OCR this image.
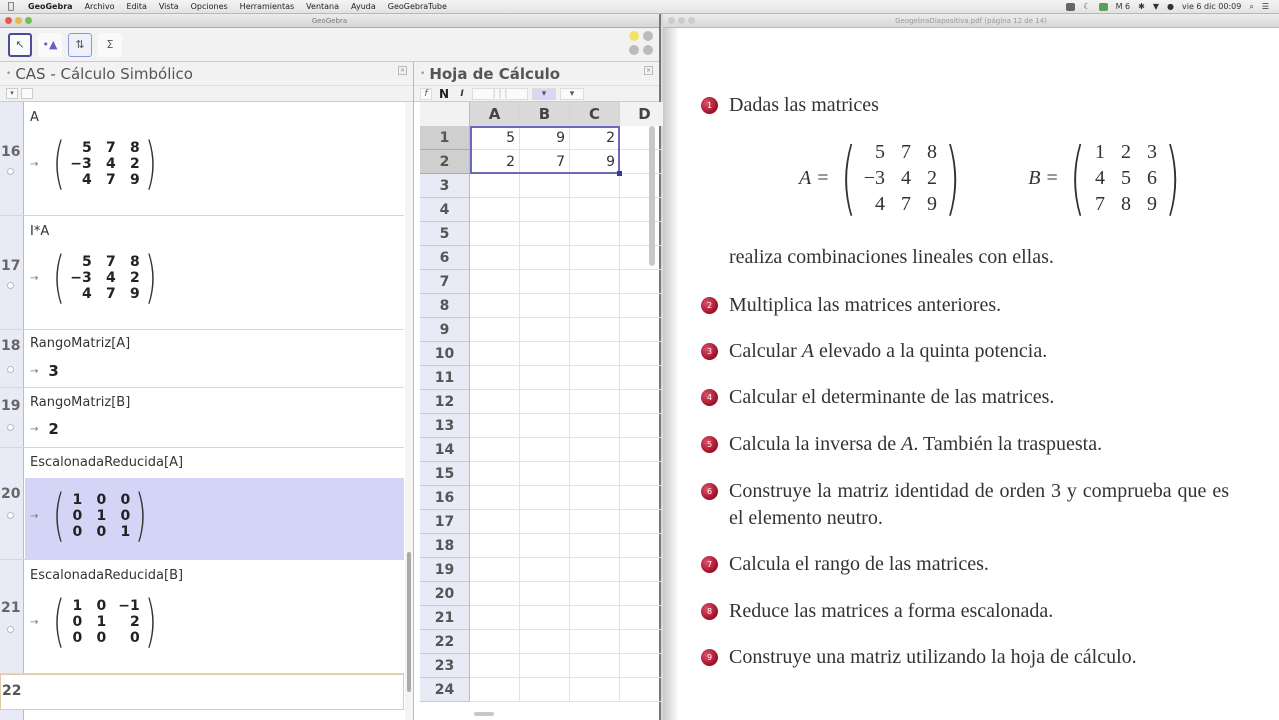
GeoGebra	Archivo	Edita	Vista	Opciones	Herramientas	Ventana	Ayuda	GeoGebraTube	☾	M 6 ✱ ▼ ● vie 6 dic 00:09 ⌕ ☰
GeoGebra
↖ •▲ ⇅ Σ
• CAS - Cálculo Simbólico	×
▾
A
16
→ (	5 7 8
−3 4 2
4 7 9 )
I*A
17
→ (	5 7 8
−3 4 2
4 7 9 )
18 RangoMatriz[A]
→ 3
19 RangoMatriz[B]
→ 2
EscalonadaReducida[A]
20
→ ( 1 0 0
0 1 0
0 0 1 )
EscalonadaReducida[B]
21
→ ( 1 0 −1
0 1	2
0 0	0 )
22
• Hoja de Cálculo	×
f N	I	| | |	▾	▾
A	B	C	D
1	5	9	2
2	2	7	9
3
4
5
6
7
8
9
10
11
12
13
14
15
16
17
18
19
20
21
22
23
24
GeogebraDiapositiva.pdf (página 12 de 14)
1 Dadas las matrices
A = ( 5 7 8
−3 4 2
4 7 9 )	B = ( 1 2 3
4 5 6
7 8 9 )
realiza combinaciones lineales con ellas.
2 Multiplica las matrices anteriores.
3 Calcular A elevado a la quinta potencia.
4 Calcular el determinante de las matrices.
5 Calcula la inversa de A. También la traspuesta.
6 Construye la matriz identidad de orden 3 y comprueba que es el elemento neutro.
7 Calcula el rango de las matrices.
8 Reduce las matrices a forma escalonada.
9 Construye una matriz utilizando la hoja de cálculo.
